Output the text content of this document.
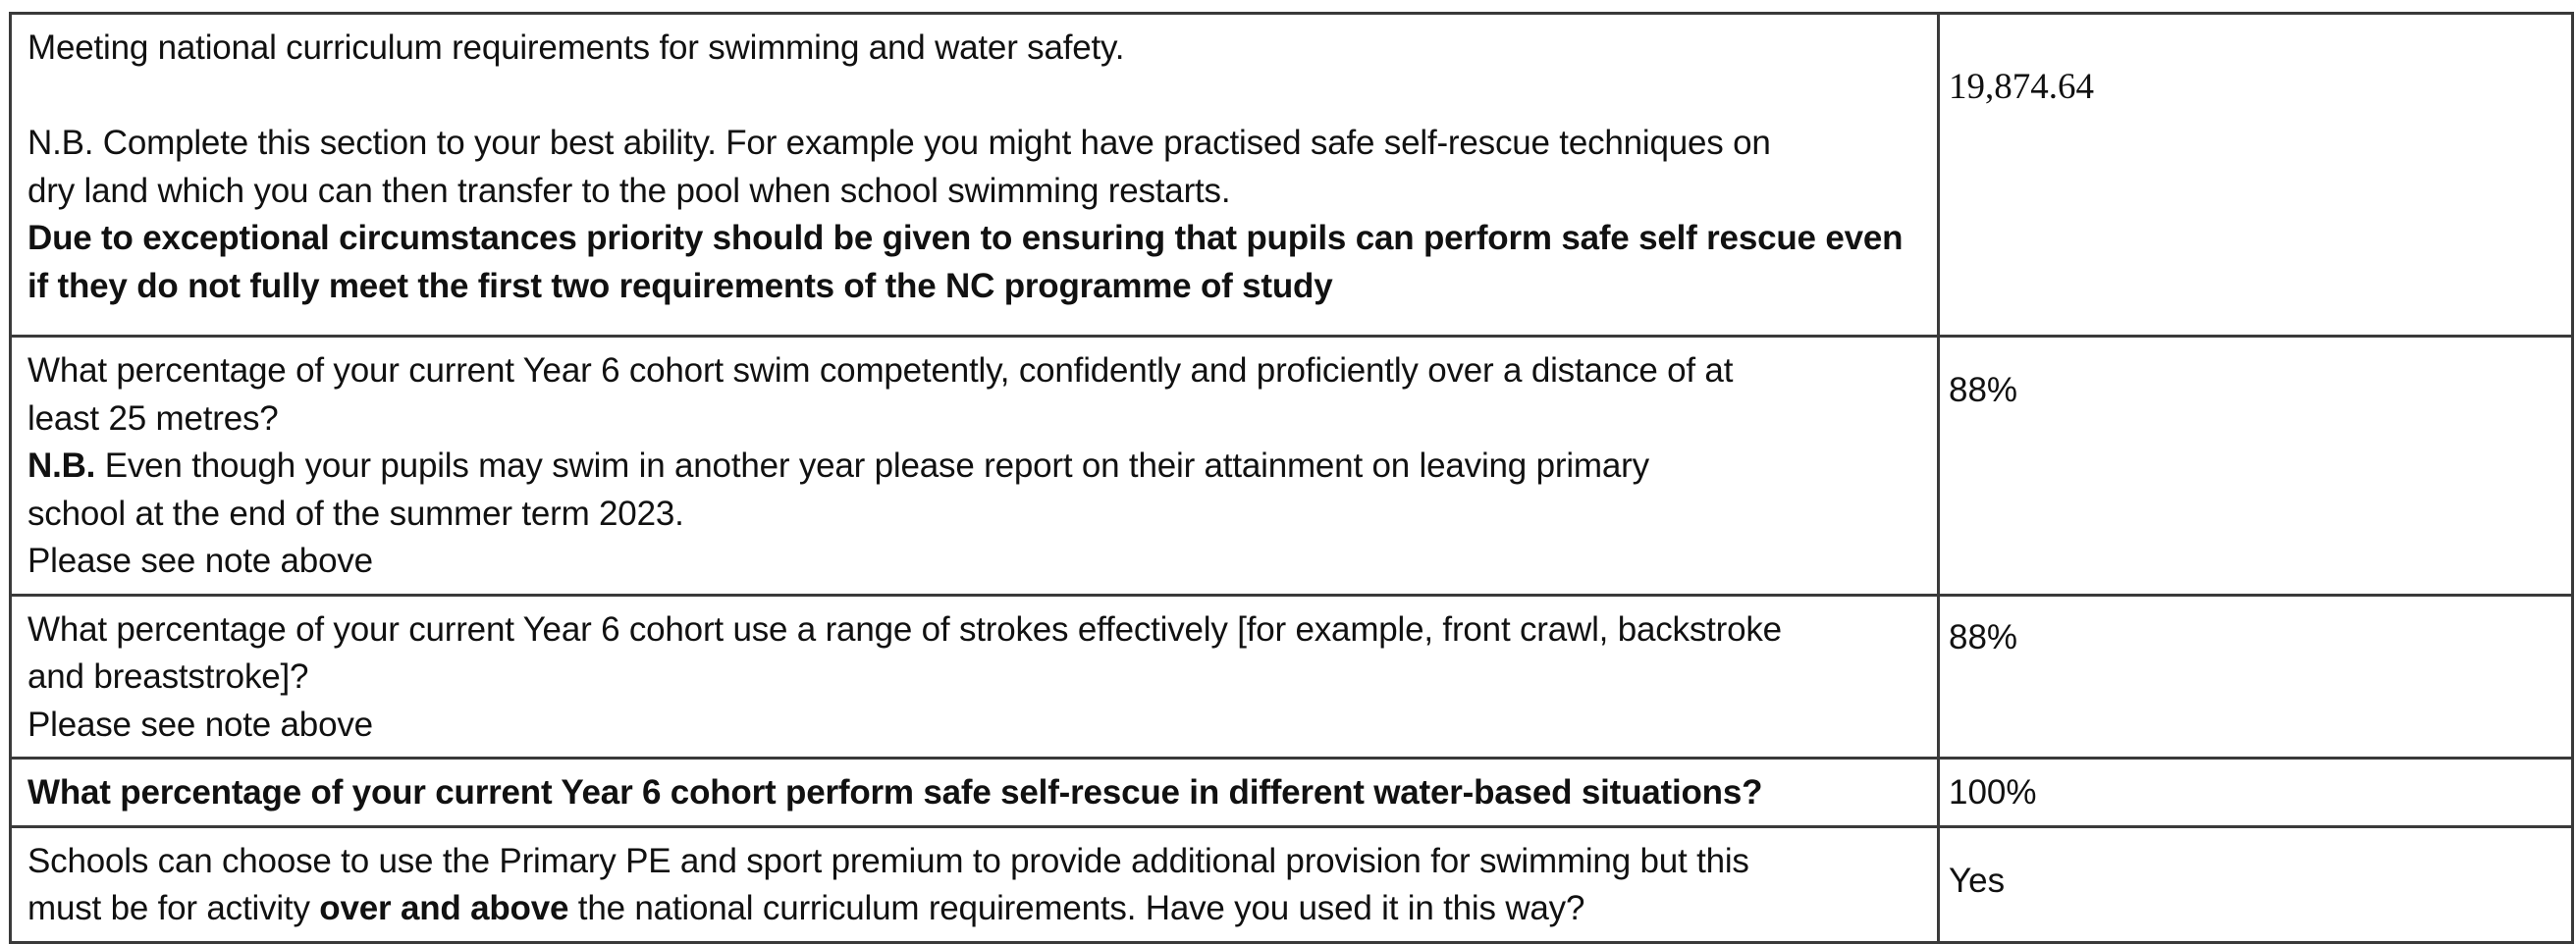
Meeting national curriculum requirements for swimming and water safety.
N.B. Complete this section to your best ability. For example you might have practised safe self-rescue techniques on
dry land which you can then transfer to the pool when school swimming restarts.
Due to exceptional circumstances priority should be given to ensuring that pupils can perform safe self rescue even
if they do not fully meet the first two requirements of the NC programme of study	19,874.64

What percentage of your current Year 6 cohort swim competently, confidently and proficiently over a distance of at
least 25 metres?
N.B. Even though your pupils may swim in another year please report on their attainment on leaving primary
school at the end of the summer term 2023.
Please see note above	88%

What percentage of your current Year 6 cohort use a range of strokes effectively [for example, front crawl, backstroke
and breaststroke]?
Please see note above	88%

What percentage of your current Year 6 cohort perform safe self-rescue in different water-based situations?	100%

Schools can choose to use the Primary PE and sport premium to provide additional provision for swimming but this
must be for activity over and above the national curriculum requirements. Have you used it in this way?	Yes
